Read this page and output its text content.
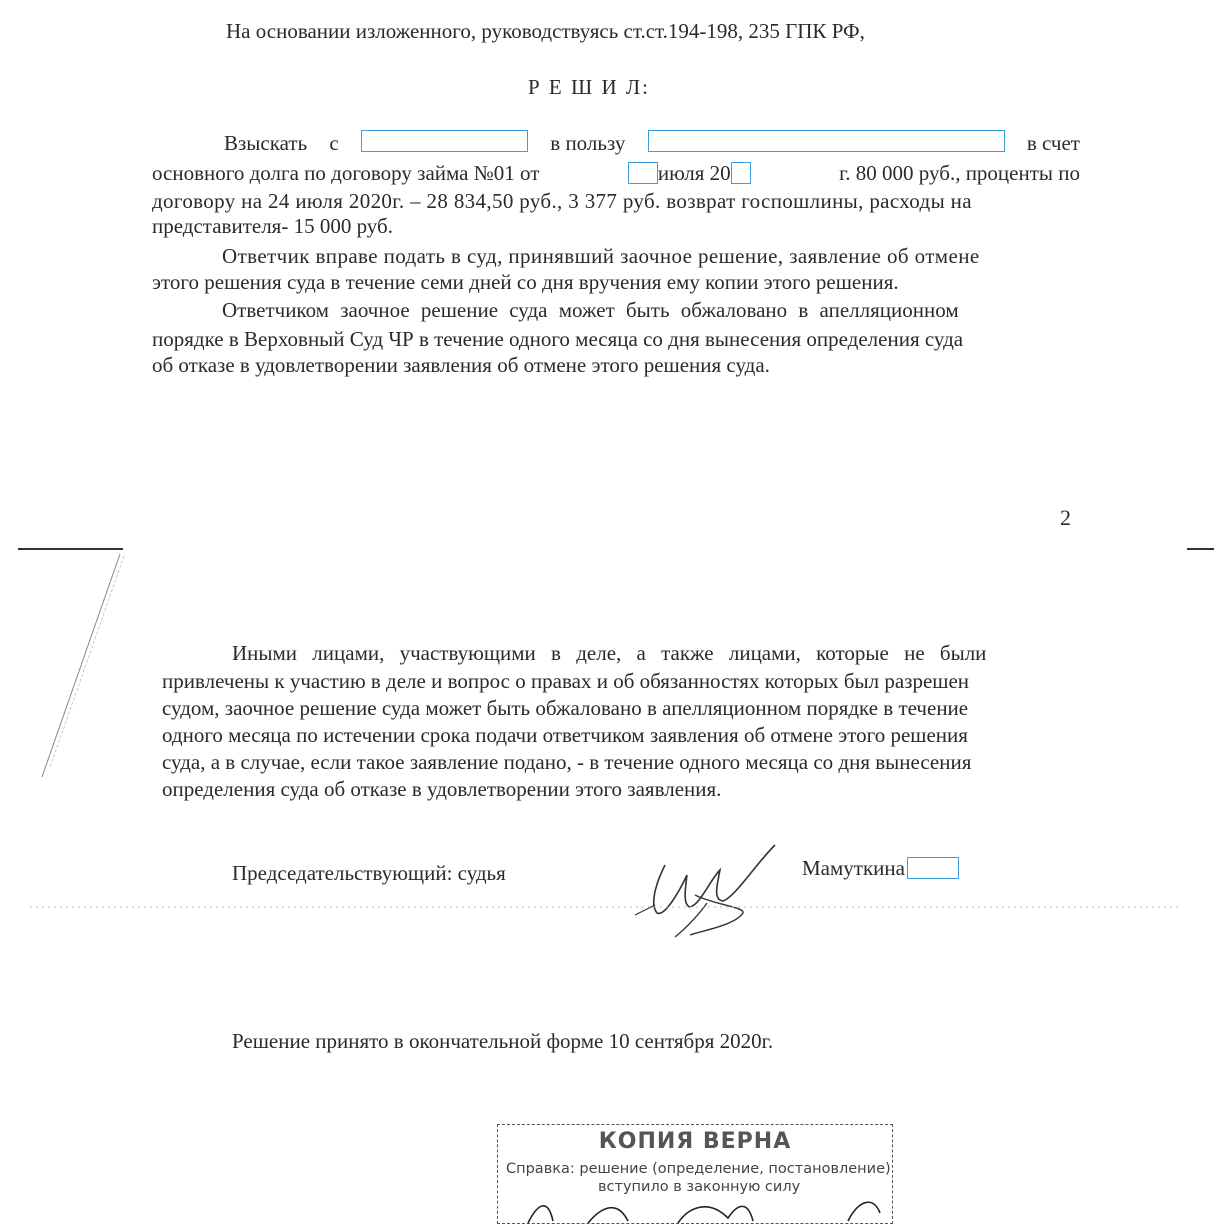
На основании изложенного, руководствуясь ст.ст.194-198, 235 ГПК РФ,
Р Е Ш И Л:
Взыскать с	в пользу	в счет
основного долга по договору займа №01 от	июля 20	г. 80 000 руб., проценты по
договору на 24 июля 2020г. – 28 834,50 руб., 3 377 руб. возврат госпошлины, расходы на
представителя- 15 000 руб.
Ответчик вправе подать в суд, принявший заочное решение, заявление об отмене
этого решения суда в течение семи дней со дня вручения ему копии этого решения.
Ответчиком заочное решение суда может быть обжаловано в апелляционном
порядке в Верховный Суд ЧР в течение одного месяца со дня вынесения определения суда
об отказе в удовлетворении заявления об отмене этого решения суда.
2
Иными лицами, участвующими в деле, а также лицами, которые не были
привлечены к участию в деле и вопрос о правах и об обязанностях которых был разрешен
судом, заочное решение суда может быть обжаловано в апелляционном порядке в течение
одного месяца по истечении срока подачи ответчиком заявления об отмене этого решения
суда, а в случае, если такое заявление подано, - в течение одного месяца со дня вынесения
определения суда об отказе в удовлетворении этого заявления.
Председательствующий: судья	Мамуткина
Решение принято в окончательной форме 10 сентября 2020г.
КОПИЯ ВЕРНА
Справка: решение (определение, постановление)
вступило в законную силу
